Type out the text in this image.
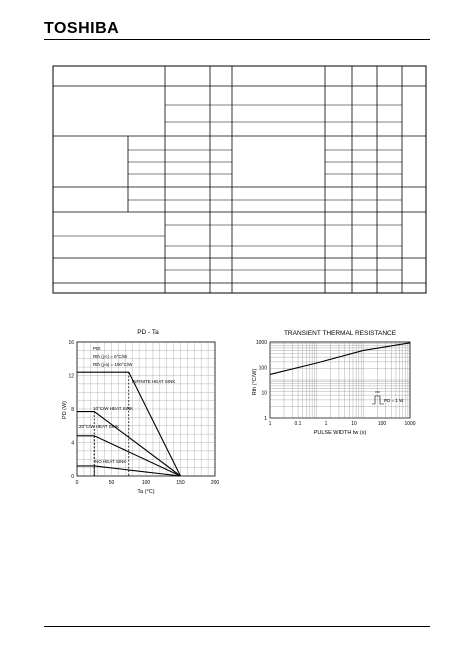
TOSHIBA
PD - Ta
0	50	100	150	200
0
4
8
12
16
PD (W)
Ta (°C)
PDt
Rth (j-c) = 6°C/W
Rth (j-a) = 100°C/W
INFINITE HEAT SINK
10°C/W HEAT SINK
20°C/W HEAT SINK
NO HEAT SINK
TRANSIENT THERMAL RESISTANCE
1	0.1	1	10	100	1000
1000
100
10
1
Rth (°C/W)
PULSE WIDTH tw (s)
PD = 1 W
